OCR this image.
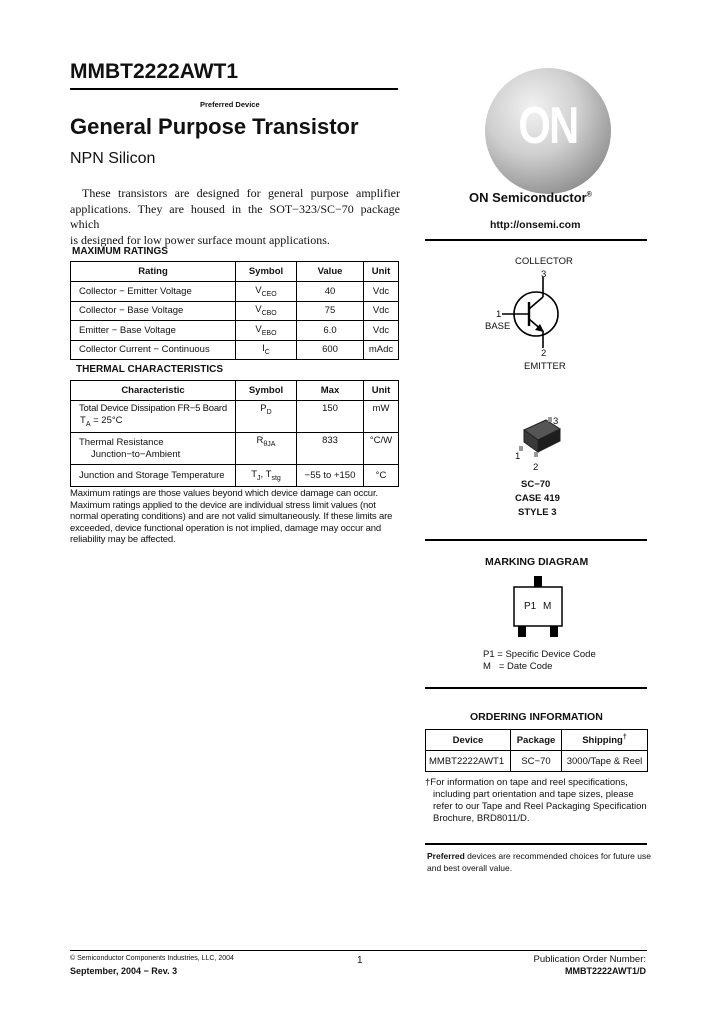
MMBT2222AWT1
Preferred Device
General Purpose Transistor
NPN Silicon
These transistors are designed for general purpose amplifier
applications. They are housed in the SOT−323/SC−70 package which
is designed for low power surface mount applications.
ON
ON Semiconductor®
http://onsemi.com
MAXIMUM RATINGS
Rating	Symbol	Value	Unit
Collector − Emitter Voltage	$V_{CEO}$	40	Vdc
Collector − Base Voltage	$V_{CBO}$	75	Vdc
Emitter − Base Voltage	$V_{EBO}$	6.0	Vdc
Collector Current − Continuous	$I_C$	600	mAdc
THERMAL CHARACTERISTICS
Characteristic	Symbol	Max	Unit

Total Device Dissipation FR−5 Board
$T_A = 25^\circ C$	$P_D$	150	mW

Thermal Resistance
Junction−to−Ambient	$R_{\theta JA}$	833	°C/W
Junction and Storage Temperature	$T_J$, $T_{stg}$	−55 to +150	°C
Maximum ratings are those values beyond which device damage can occur.
Maximum ratings applied to the device are individual stress limit values (not
normal operating conditions) and are not valid simultaneously. If these limits are
exceeded, device functional operation is not implied, damage may occur and
reliability may be affected.
COLLECTOR
3
1
BASE
2
EMITTER
3
1
2
SC−70
CASE 419
STYLE 3
MARKING DIAGRAM
P1 M
P1 = Specific Device Code
M   = Date Code
ORDERING INFORMATION
Device	Package	Shipping†
MMBT2222AWT1	SC−70	3000/Tape & Reel
†For information on tape and reel specifications,
including part orientation and tape sizes, please
refer to our Tape and Reel Packaging Specification
Brochure, BRD8011/D.
Preferred devices are recommended choices for future use
and best overall value.
© Semiconductor Components Industries, LLC, 2004
September, 2004 − Rev. 3
1	Publication Order Number:
MMBT2222AWT1/D
